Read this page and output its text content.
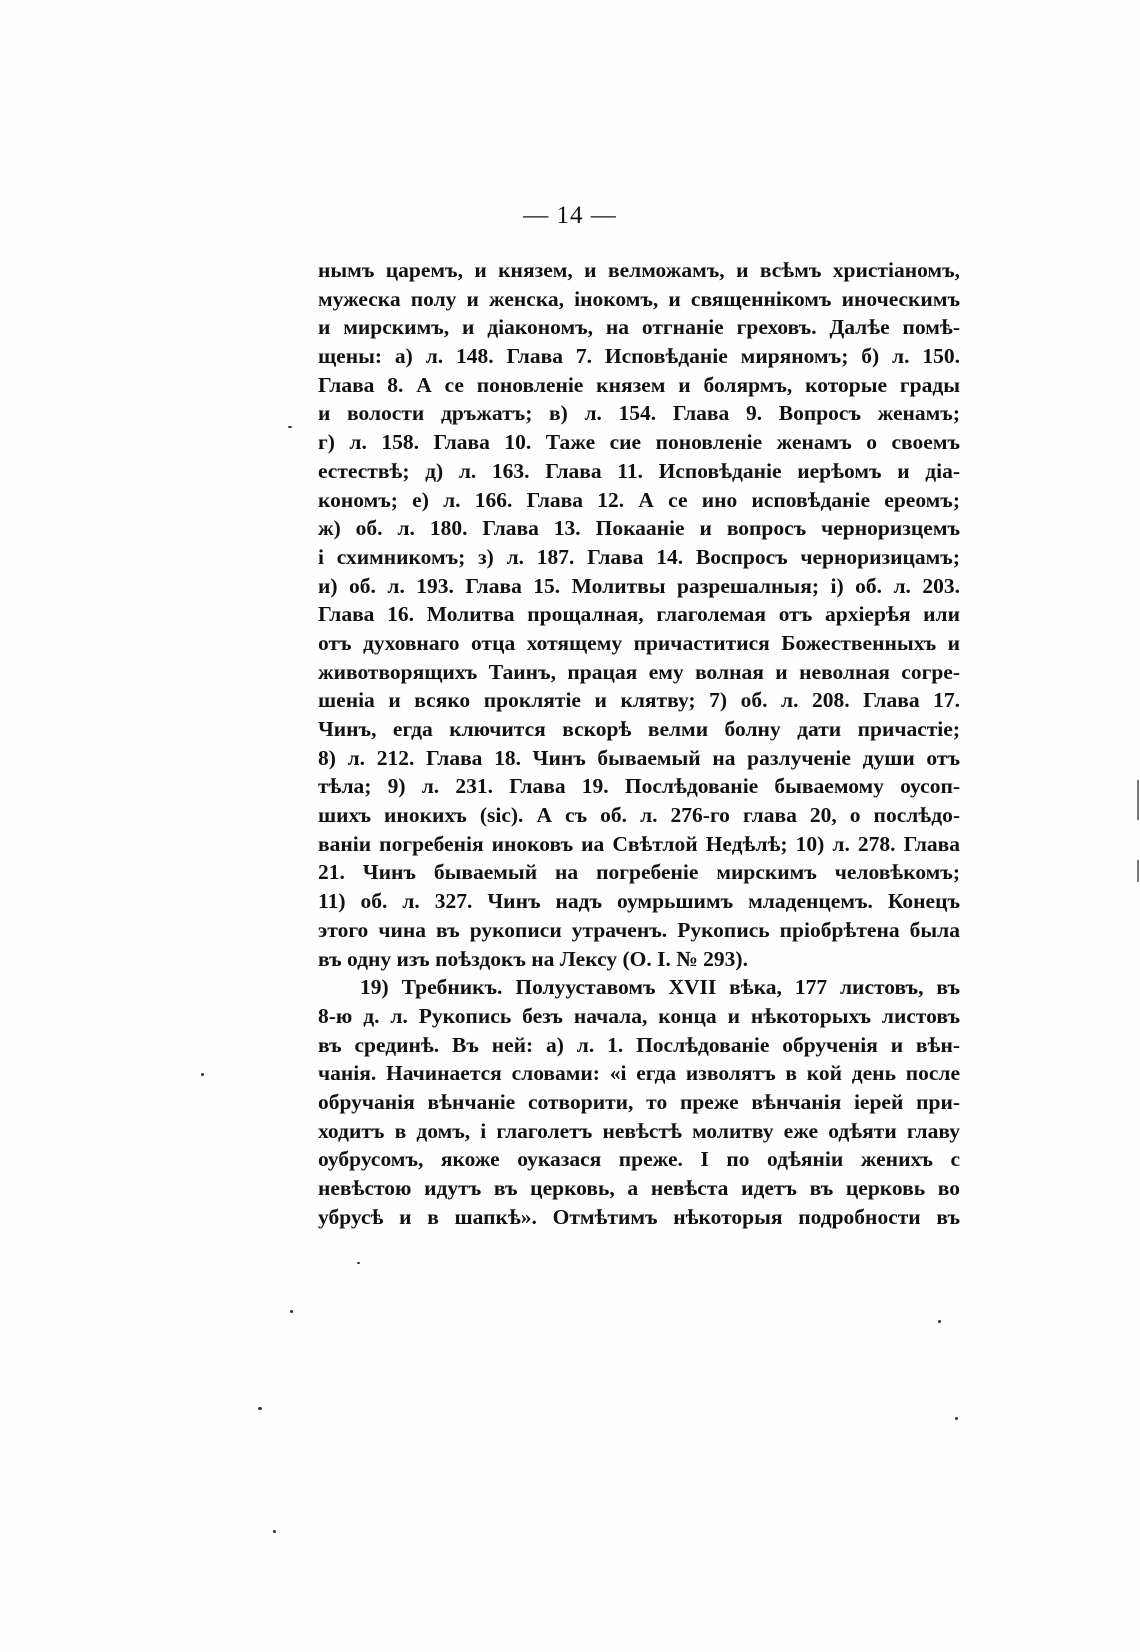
— 14 —
нымъ царемъ, и князем, и велможамъ, и всѣмъ христіаномъ,
мужеска полу и женска, інокомъ, и священнікомъ иноческимъ
и мирскимъ, и діакономъ, на отгнаніе греховъ. Далѣе помѣ-
щены: а) л. 148. Глава 7. Исповѣданіе миряномъ; б) л. 150.
Глава 8. А се поновленіе князем и болярмъ, которые грады
и волости дръжатъ; в) л. 154. Глава 9. Вопросъ женамъ;
г) л. 158. Глава 10. Таже сие поновленіе женамъ о своемъ
естествѣ; д) л. 163. Глава 11. Исповѣданіе иерѣомъ и діа-
кономъ; е) л. 166. Глава 12. А се ино исповѣданіе ереомъ;
ж) об. л. 180. Глава 13. Покааніе и вопросъ черноризцемъ
і схимникомъ; з) л. 187. Глава 14. Воспросъ черноризицамъ;
и) об. л. 193. Глава 15. Молитвы разрешалныя; і) об. л. 203.
Глава 16. Молитва прощалная, глаголемая отъ архіерѣя или
отъ духовнаго отца хотящему причаститися Божественныхъ и
животворящихъ Таинъ, працая ему волная и неволная согре-
шеніа и всяко проклятіе и клятву; 7) об. л. 208. Глава 17.
Чинъ, егда ключится вскорѣ велми болну дати причастіе;
8) л. 212. Глава 18. Чинъ бываемый на разлученіе души отъ
тѣла; 9) л. 231. Глава 19. Послѣдованіе бываемому оусоп-
шихъ инокихъ (sic). А съ об. л. 276-го глава 20, о послѣдо-
ваніи погребенія иноковъ иа Свѣтлой Недѣлѣ; 10) л. 278. Глава
21. Чинъ бываемый на погребеніе мирскимъ человѣкомъ;
11) об. л. 327. Чинъ надъ оумрьшимъ младенцемъ. Конецъ
этого чина въ рукописи утраченъ. Рукопись пріобрѣтена была
въ одну изъ поѣздокъ на Лексу (О. I. № 293).
19) Требникъ. Полууставомъ XVII вѣка, 177 листовъ, въ
8-ю д. л. Рукопись безъ начала, конца и нѣкоторыхъ листовъ
въ срединѣ. Въ ней: а) л. 1. Послѣдованіе обрученія и вѣн-
чанія. Начинается словами: «і егда изволятъ в кой день после
обручанія вѣнчаніе сотворити, то преже вѣнчанія іерей при-
ходитъ в домъ, і глаголетъ невѣстѣ молитву еже одѣяти главу
оубрусомъ, якоже оуказася преже. І по одѣяніи женихъ с
невѣстою идутъ въ церковь, а невѣста идетъ въ церковь во
убрусѣ и в шапкѣ». Отмѣтимъ нѣкоторыя подробности въ
